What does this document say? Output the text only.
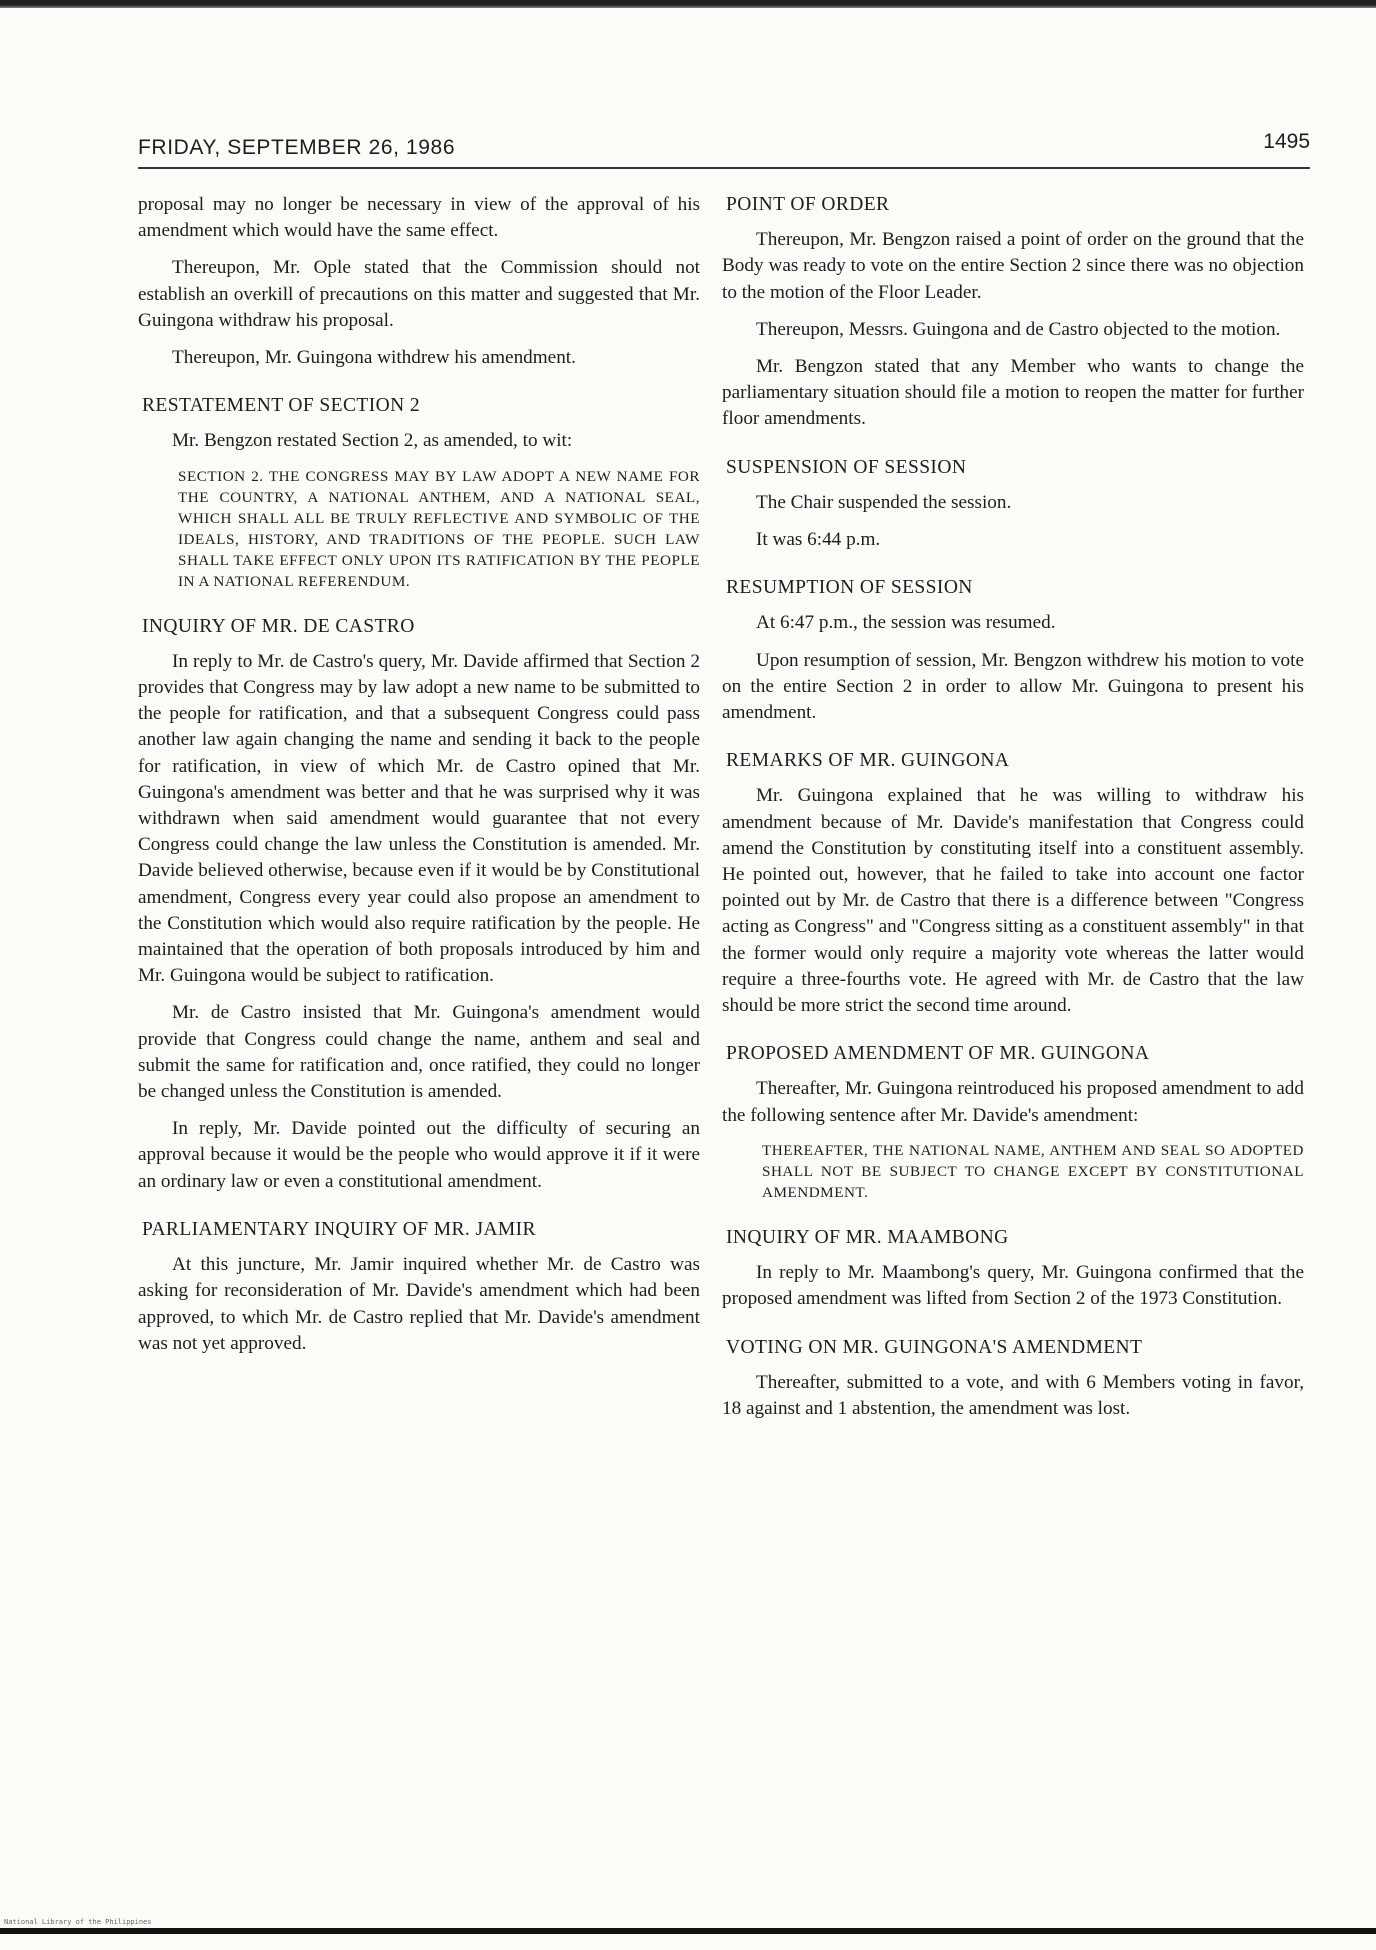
FRIDAY, SEPTEMBER 26, 1986	1495

proposal may no longer be necessary in view of the approval of his amendment which would have the same effect.

Thereupon, Mr. Ople stated that the Commission should not establish an overkill of precautions on this matter and suggested that Mr. Guingona withdraw his proposal.

Thereupon, Mr. Guingona withdrew his amendment.

RESTATEMENT OF SECTION 2

Mr. Bengzon restated Section 2, as amended, to wit:

SECTION 2. THE CONGRESS MAY BY LAW ADOPT A NEW NAME FOR THE COUNTRY, A NATIONAL ANTHEM, AND A NATIONAL SEAL, WHICH SHALL ALL BE TRULY REFLECTIVE AND SYMBOLIC OF THE IDEALS, HISTORY, AND TRADITIONS OF THE PEOPLE. SUCH LAW SHALL TAKE EFFECT ONLY UPON ITS RATIFICATION BY THE PEOPLE IN A NATIONAL REFERENDUM.
INQUIRY OF MR. DE CASTRO

In reply to Mr. de Castro's query, Mr. Davide affirmed that Section 2 provides that Congress may by law adopt a new name to be submitted to the people for ratification, and that a subsequent Congress could pass another law again changing the name and sending it back to the people for ratification, in view of which Mr. de Castro opined that Mr. Guingona's amendment was better and that he was surprised why it was withdrawn when said amendment would guarantee that not every Congress could change the law unless the Constitution is amended. Mr. Davide believed otherwise, because even if it would be by Constitutional amendment, Congress every year could also propose an amendment to the Constitution which would also require ratification by the people. He maintained that the operation of both proposals introduced by him and Mr. Guingona would be subject to ratification.

Mr. de Castro insisted that Mr. Guingona's amendment would provide that Congress could change the name, anthem and seal and submit the same for ratification and, once ratified, they could no longer be changed unless the Constitution is amended.

In reply, Mr. Davide pointed out the difficulty of securing an approval because it would be the people who would approve it if it were an ordinary law or even a constitutional amendment.

PARLIAMENTARY INQUIRY OF MR. JAMIR

At this juncture, Mr. Jamir inquired whether Mr. de Castro was asking for reconsideration of Mr. Davide's amendment which had been approved, to which Mr. de Castro replied that Mr. Davide's amendment was not yet approved.

POINT OF ORDER

Thereupon, Mr. Bengzon raised a point of order on the ground that the Body was ready to vote on the entire Section 2 since there was no objection to the motion of the Floor Leader.

Thereupon, Messrs. Guingona and de Castro objected to the motion.

Mr. Bengzon stated that any Member who wants to change the parliamentary situation should file a motion to reopen the matter for further floor amendments.

SUSPENSION OF SESSION

The Chair suspended the session.

It was 6:44 p.m.

RESUMPTION OF SESSION

At 6:47 p.m., the session was resumed.

Upon resumption of session, Mr. Bengzon withdrew his motion to vote on the entire Section 2 in order to allow Mr. Guingona to present his amendment.

REMARKS OF MR. GUINGONA

Mr. Guingona explained that he was willing to withdraw his amendment because of Mr. Davide's manifestation that Congress could amend the Constitution by constituting itself into a constituent assembly. He pointed out, however, that he failed to take into account one factor pointed out by Mr. de Castro that there is a difference between "Congress acting as Congress" and "Congress sitting as a constituent assembly" in that the former would only require a majority vote whereas the latter would require a three-fourths vote. He agreed with Mr. de Castro that the law should be more strict the second time around.

PROPOSED AMENDMENT OF MR. GUINGONA

Thereafter, Mr. Guingona reintroduced his proposed amendment to add the following sentence after Mr. Davide's amendment:

THEREAFTER, THE NATIONAL NAME, ANTHEM AND SEAL SO ADOPTED SHALL NOT BE SUBJECT TO CHANGE EXCEPT BY CONSTITUTIONAL AMENDMENT.
INQUIRY OF MR. MAAMBONG

In reply to Mr. Maambong's query, Mr. Guingona confirmed that the proposed amendment was lifted from Section 2 of the 1973 Constitution.

VOTING ON MR. GUINGONA'S AMENDMENT

Thereafter, submitted to a vote, and with 6 Members voting in favor, 18 against and 1 abstention, the amendment was lost.

National Library of the Philippines
